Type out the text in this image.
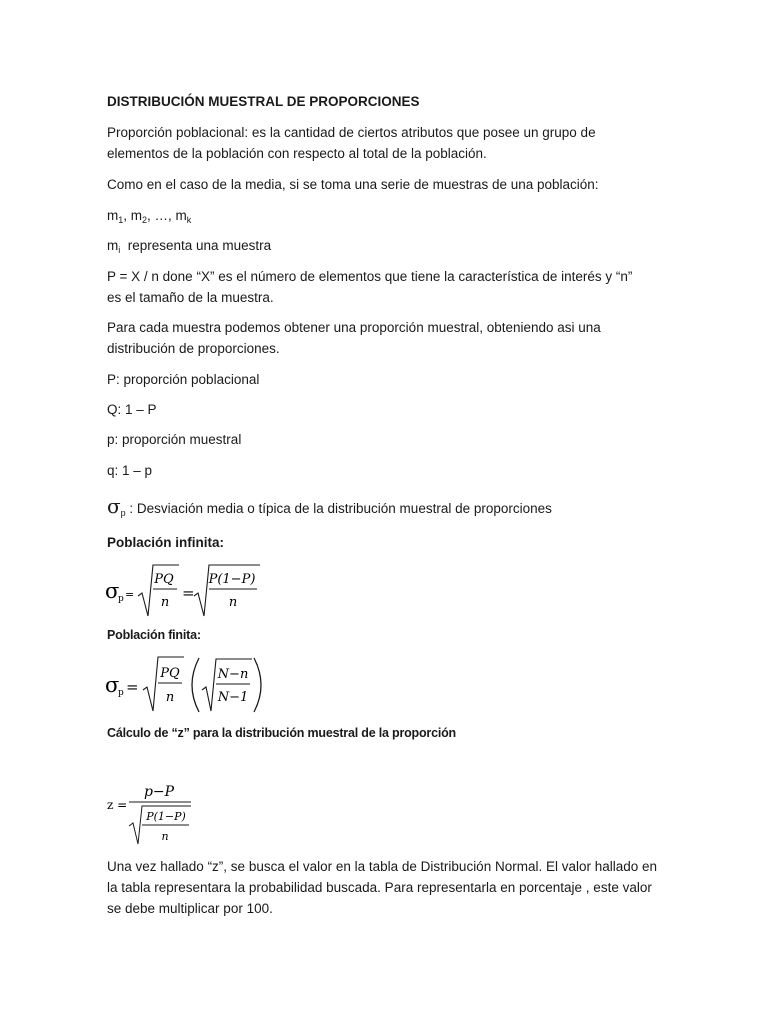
DISTRIBUCIÓN MUESTRAL DE PROPORCIONES

Proporción poblacional: es la cantidad de ciertos atributos que posee un grupo de

elementos de la población con respecto al total de la población.

Como en el caso de la media, si se toma una serie de muestras de una población:

$m_1$, $m_2$, …, $m_k$

$m_i$  representa una muestra

P = X / n done “X” es el número de elementos que tiene la característica de interés y “n”

es el tamaño de la muestra.

Para cada muestra podemos obtener una proporción muestral, obteniendo asi una

distribución de proporciones.

P: proporción poblacional

Q: 1 – P

p: proporción muestral

q: 1 – p

$\sigma_p$ : Desviación media o típica de la distribución muestral de proporciones

Población infinita:

σ
p =
PQ
n
=
P(1−P)
n

Población finita:

σ
p =
PQ
n
N−n
N−1

Cálculo de “z” para la distribución muestral de la proporción

z =
p−P
P(1−P)
n

Una vez hallado “z”, se busca el valor en la tabla de Distribución Normal. El valor hallado en

la tabla representara la probabilidad buscada. Para representarla en porcentaje , este valor

se debe multiplicar por 100.
